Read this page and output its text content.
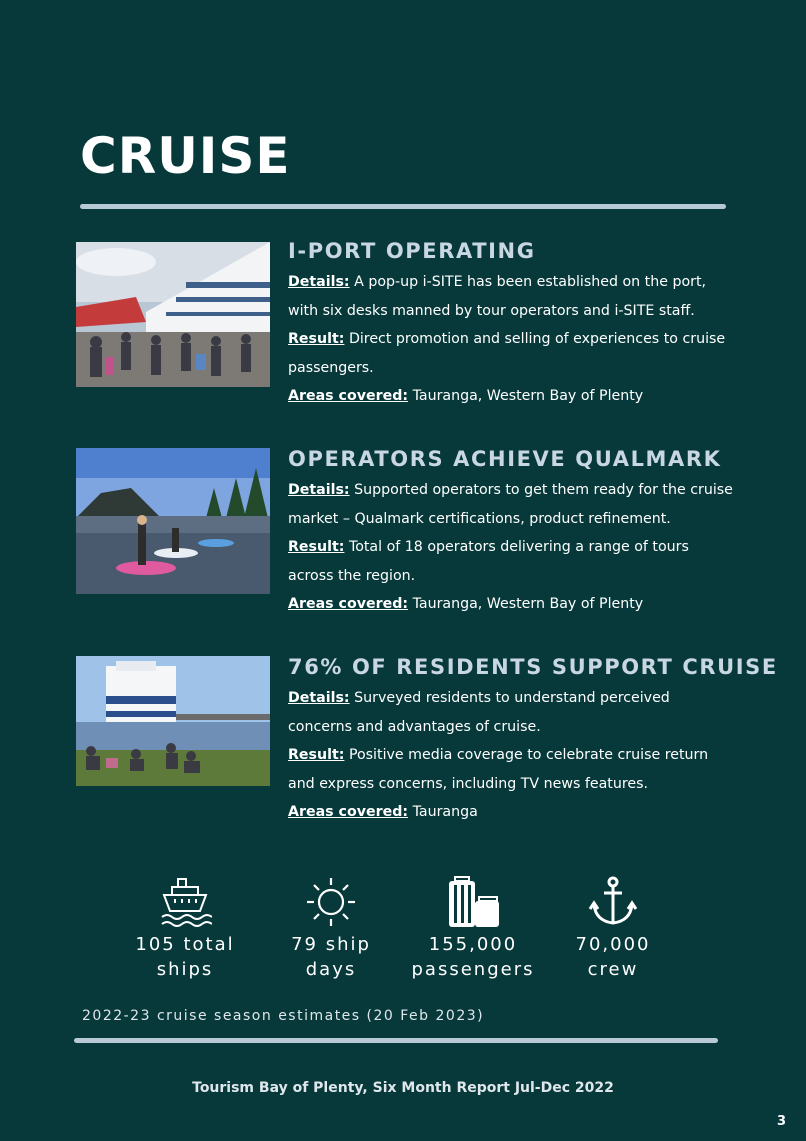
CRUISE
I-PORT OPERATING

Details: A pop-up i-SITE has been established on the port,

with six desks manned by tour operators and i-SITE staff.

Result: Direct promotion and selling of experiences to cruise

passengers.

Areas covered: Tauranga, Western Bay of Plenty

OPERATORS ACHIEVE QUALMARK

Details: Supported operators to get them ready for the cruise

market – Qualmark certifications, product refinement.

Result: Total of 18 operators delivering a range of tours

across the region.

Areas covered: Tauranga, Western Bay of Plenty

76% OF RESIDENTS SUPPORT CRUISE

Details: Surveyed residents to understand perceived

concerns and advantages of cruise.

Result: Positive media coverage to celebrate cruise return

and express concerns, including TV news features.

Areas covered: Tauranga

105 total
ships
79 ship
days
155,000
passengers
70,000
crew
2022-23 cruise season estimates (20 Feb 2023)
Tourism Bay of Plenty, Six Month Report Jul-Dec 2022
3
